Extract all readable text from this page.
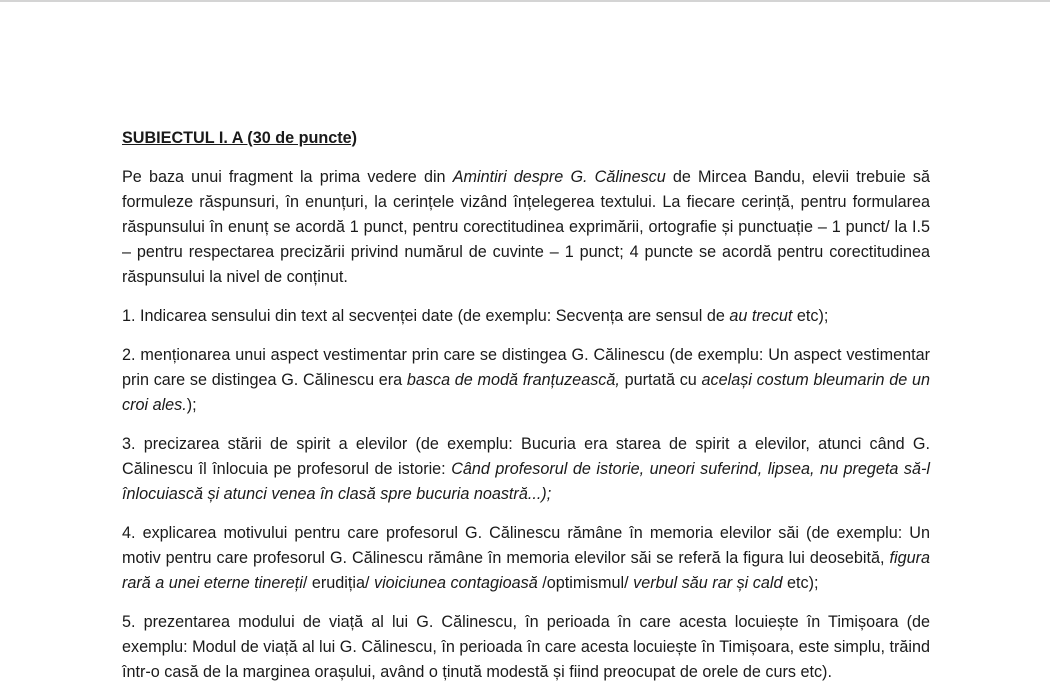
SUBIECTUL I. A (30 de puncte)

Pe baza unui fragment la prima vedere din Amintiri despre G. Călinescu de Mircea Bandu, elevii trebuie să formuleze răspunsuri, în enunțuri, la cerințele vizând înțelegerea textului. La fiecare cerință, pentru formularea răspunsului în enunț se acordă 1 punct, pentru corectitudinea exprimării, ortografie și punctuație – 1 punct/ la I.5 – pentru respectarea precizării privind numărul de cuvinte – 1 punct; 4 puncte se acordă pentru corectitudinea răspunsului la nivel de conținut.

1. Indicarea sensului din text al secvenței date (de exemplu: Secvența are sensul de au trecut etc);

2. menționarea unui aspect vestimentar prin care se distingea G. Călinescu (de exemplu: Un aspect vestimentar prin care se distingea G. Călinescu era basca de modă franțuzească, purtată cu același costum bleumarin de un croi ales.);

3. precizarea stării de spirit a elevilor (de exemplu: Bucuria era starea de spirit a elevilor, atunci când G. Călinescu îl înlocuia pe profesorul de istorie: Când profesorul de istorie, uneori suferind, lipsea, nu pregeta să-l înlocuiască și atunci venea în clasă spre bucuria noastră...);

4. explicarea motivului pentru care profesorul G. Călinescu rămâne în memoria elevilor săi (de exemplu: Un motiv pentru care profesorul G. Călinescu rămâne în memoria elevilor săi se referă la figura lui deosebită, figura rară a unei eterne tinereți/ erudiția/ vioiciunea contagioasă /optimismul/ verbul său rar și cald etc);

5. prezentarea modului de viață al lui G. Călinescu, în perioada în care acesta locuiește în Timișoara (de exemplu: Modul de viață al lui G. Călinescu, în perioada în care acesta locuiește în Timișoara, este simplu, trăind într-o casă de la marginea orașului, având o ținută modestă și fiind preocupat de orele de curs etc).
